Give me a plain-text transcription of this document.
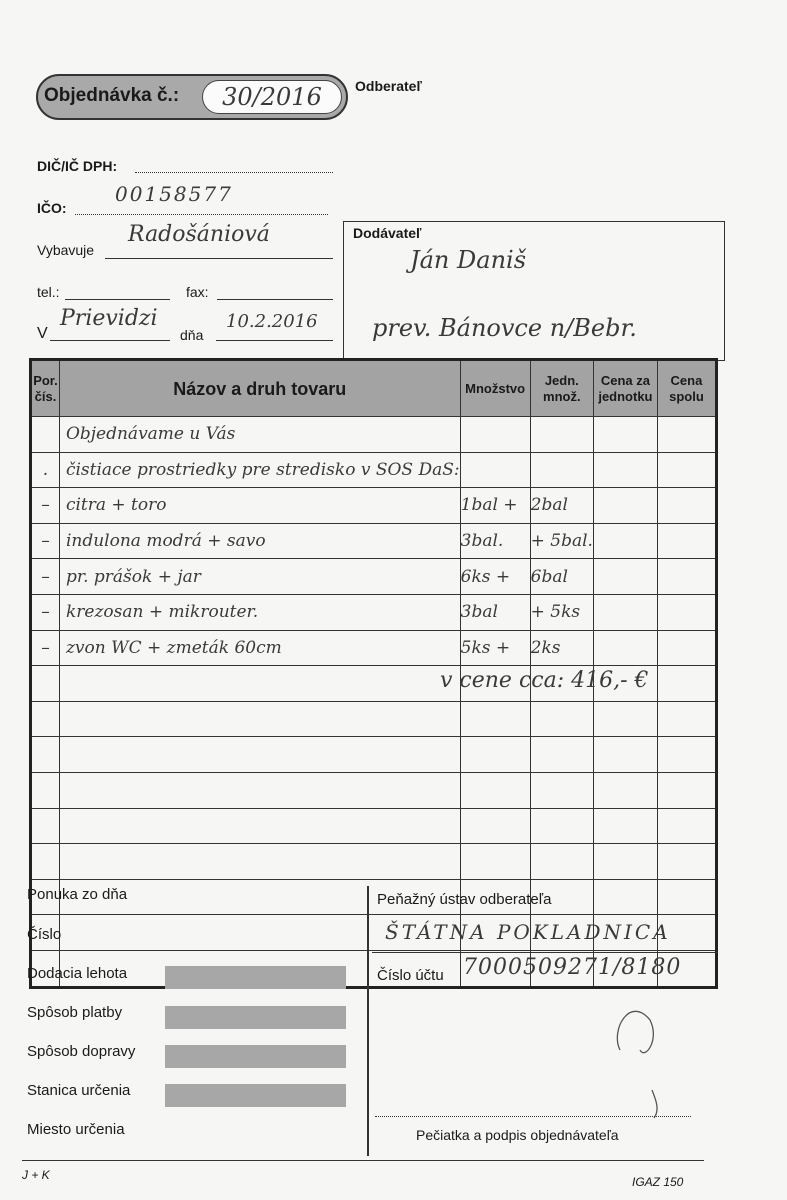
Objednávka č.:	30/2016	Odberateľ
DIČ/IČ DPH:
IČO:
00158577
Vybavuje
Radošániová
tel.:	fax:
V
Prievidzi
dňa
10.2.2016
Dodávateľ
Ján Daniš
prev. Bánovce n/Bebr.
Por. čís.	Názov a druh tovaru	Množstvo	Jedn. množ.	Cena za jednotku	Cena spolu
	Objednávame u Vás				
.	čistiace prostriedky pre stredisko v SOS DaS:				
–	citra + toro	1bal +	2bal		
–	indulona modrá + savo	3bal.	+ 5bal.		
–	pr. prášok + jar	6ks +	6bal		
–	krezosan + mikrouter.	3bal	+ 5ks		
–	zvon WC + zmeták 60cm	5ks +	2ks		

Ponuka zo dňa
Číslo
Dodacia lehota
Spôsob platby
Spôsob dopravy
Stanica určenia
Miesto určenia
Peňažný ústav odberateľa
ŠTÁTNA POKLADNICA
Číslo účtu 7000509271/8180
Pečiatka a podpis objednávateľa
J + K	IGAZ 150
v cene cca: 416,- €
